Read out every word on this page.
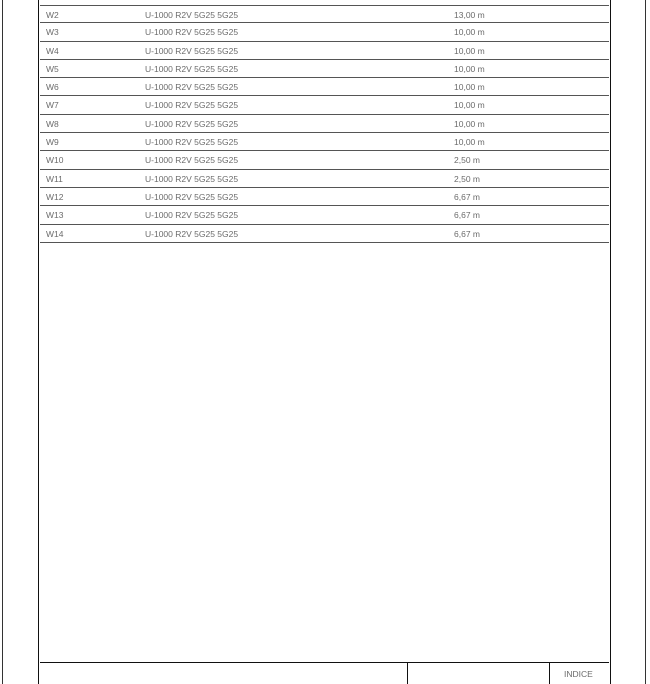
W2	U-1000 R2V 5G25 5G25	13,00 m
W3	U-1000 R2V 5G25 5G25	10,00 m
W4	U-1000 R2V 5G25 5G25	10,00 m
W5	U-1000 R2V 5G25 5G25	10,00 m
W6	U-1000 R2V 5G25 5G25	10,00 m
W7	U-1000 R2V 5G25 5G25	10,00 m
W8	U-1000 R2V 5G25 5G25	10,00 m
W9	U-1000 R2V 5G25 5G25	10,00 m
W10	U-1000 R2V 5G25 5G25	2,50 m
W11	U-1000 R2V 5G25 5G25	2,50 m
W12	U-1000 R2V 5G25 5G25	6,67 m
W13	U-1000 R2V 5G25 5G25	6,67 m
W14	U-1000 R2V 5G25 5G25	6,67 m
INDICE
